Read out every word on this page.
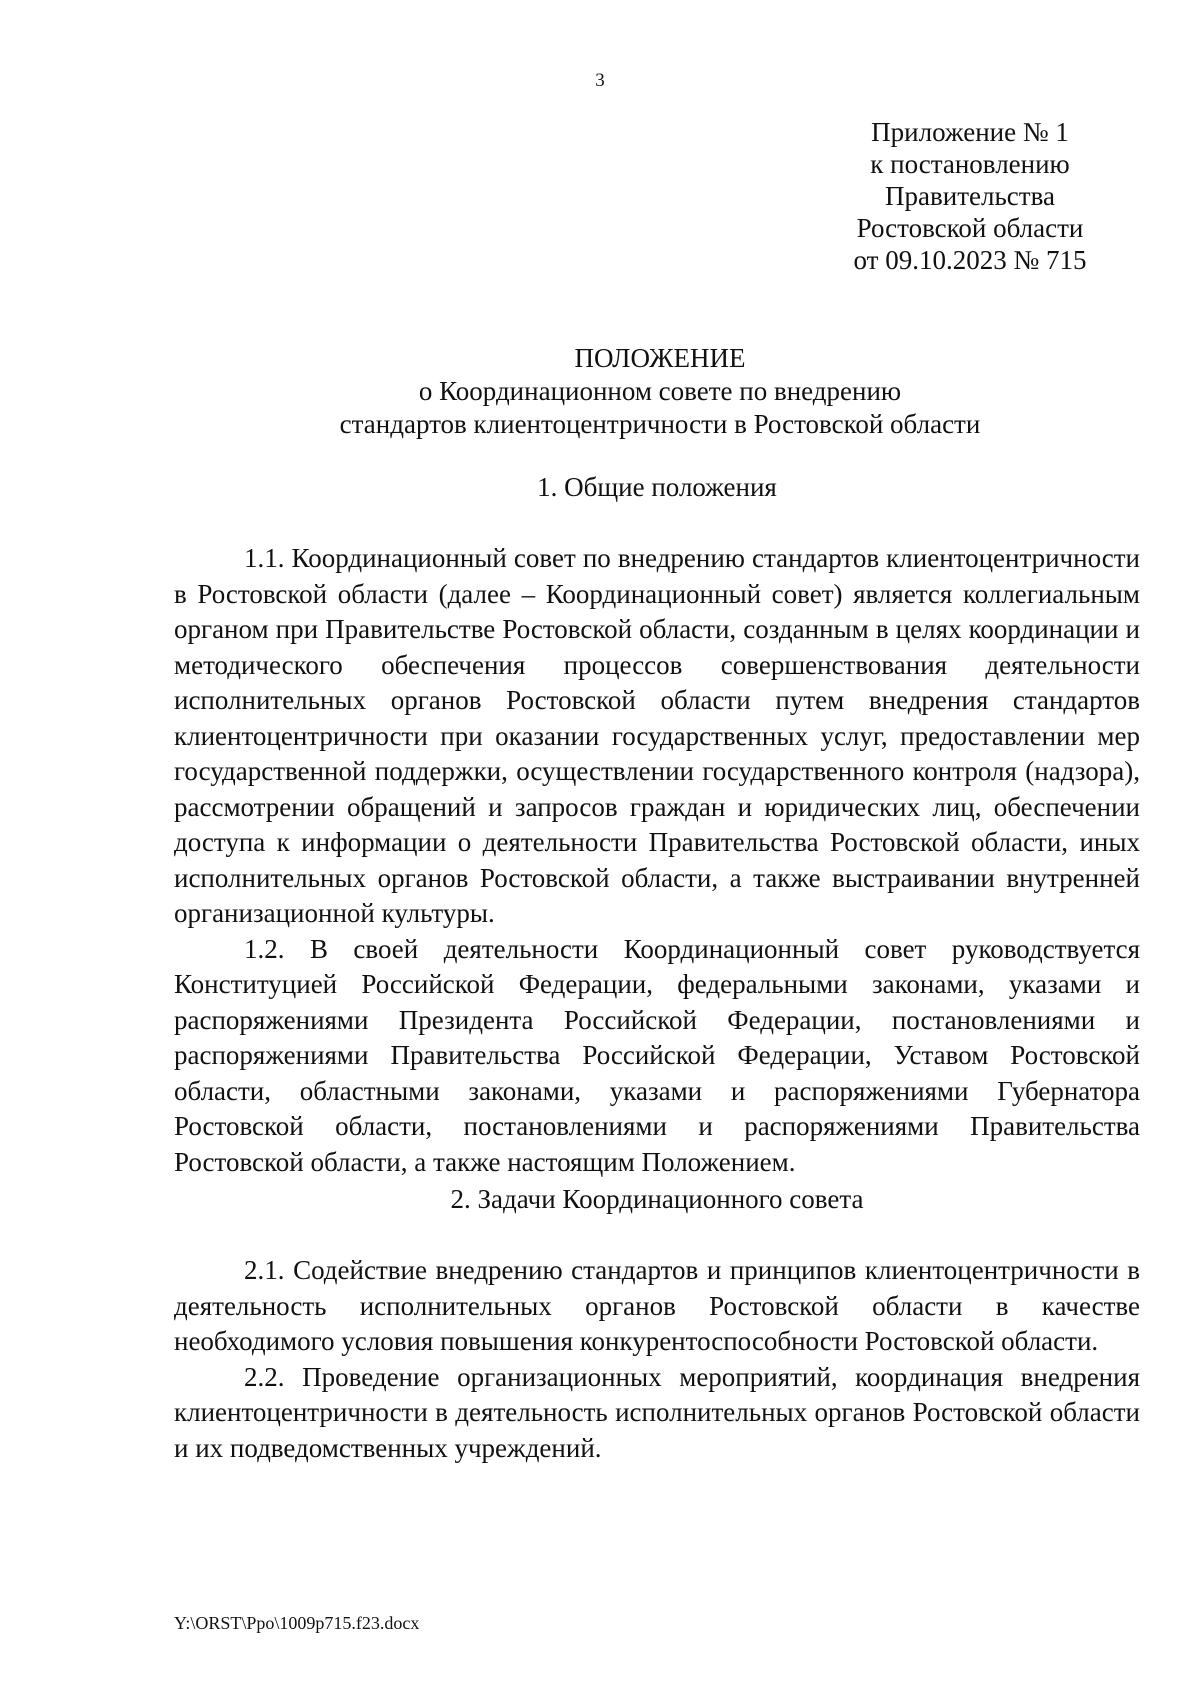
3
Приложение № 1
к постановлению
Правительства
Ростовской области
от 09.10.2023 № 715
ПОЛОЖЕНИЕ
о Координационном совете по внедрению
стандартов клиентоцентричности в Ростовской области

1. Общие положения

1.1. Координационный совет по внедрению стандартов клиентоцентричности в Ростовской области (далее – Координационный совет) является коллегиальным органом при Правительстве Ростовской области, созданным в целях координации и методического обеспечения процессов совершенствования деятельности исполнительных органов Ростовской области путем внедрения стандартов клиентоцентричности при оказании государственных услуг, предоставлении мер государственной поддержки, осуществлении государственного контроля (надзора), рассмотрении обращений и запросов граждан и юридических лиц, обеспечении доступа к информации о деятельности Правительства Ростовской области, иных исполнительных органов Ростовской области, а также выстраивании внутренней организационной культуры.

1.2. В своей деятельности Координационный совет руководствуется Конституцией Российской Федерации, федеральными законами, указами и распоряжениями Президента Российской Федерации, постановлениями и распоряжениями Правительства Российской Федерации, Уставом Ростовской области, областными законами, указами и распоряжениями Губернатора Ростовской области, постановлениями и распоряжениями Правительства Ростовской области, а также настоящим Положением.

2. Задачи Координационного совета

2.1. Содействие внедрению стандартов и принципов клиентоцентричности в деятельность исполнительных органов Ростовской области в качестве необходимого условия повышения конкурентоспособности Ростовской области.

2.2. Проведение организационных мероприятий, координация внедрения клиентоцентричности в деятельность исполнительных органов Ростовской области и их подведомственных учреждений.

Y:\ORST\Ppo\1009p715.f23.docx
